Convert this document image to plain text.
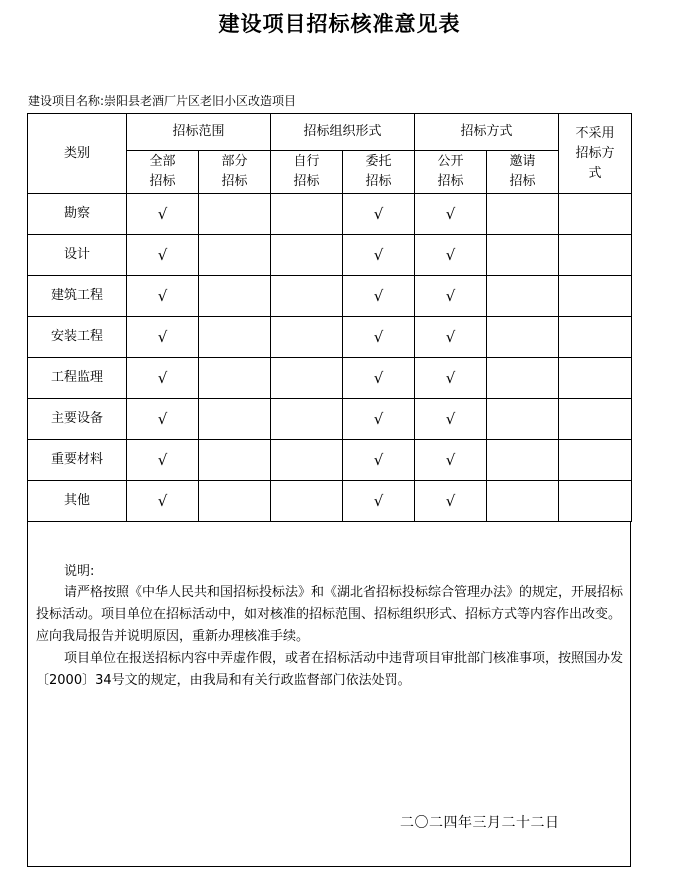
建设项目招标核准意见表
建设项目名称:崇阳县老酒厂片区老旧小区改造项目
类别	招标范围		招标组织形式		招标方式		不采用招标方式

	全部招标	部分招标	自行招标	委托招标	公开招标	邀请招标	

勘察	√			√	√		
设计	√			√	√		
建筑工程	√			√	√		
安装工程	√			√	√		
工程监理	√			√	√		
主要设备	√			√	√		
重要材料	√			√	√		
其他	√			√	√		
说明:
请严格按照《中华人民共和国招标投标法》和《湖北省招标投标综合管理办法》的规定，开展招标投标活动。项目单位在招标活动中，如对核准的招标范围、招标组织形式、招标方式等内容作出改变。应向我局报告并说明原因，重新办理核准手续。
项目单位在报送招标内容中弄虚作假，或者在招标活动中违背项目审批部门核准事项，按照国办发〔2000〕34号文的规定，由我局和有关行政监督部门依法处罚。
二〇二四年三月二十二日
